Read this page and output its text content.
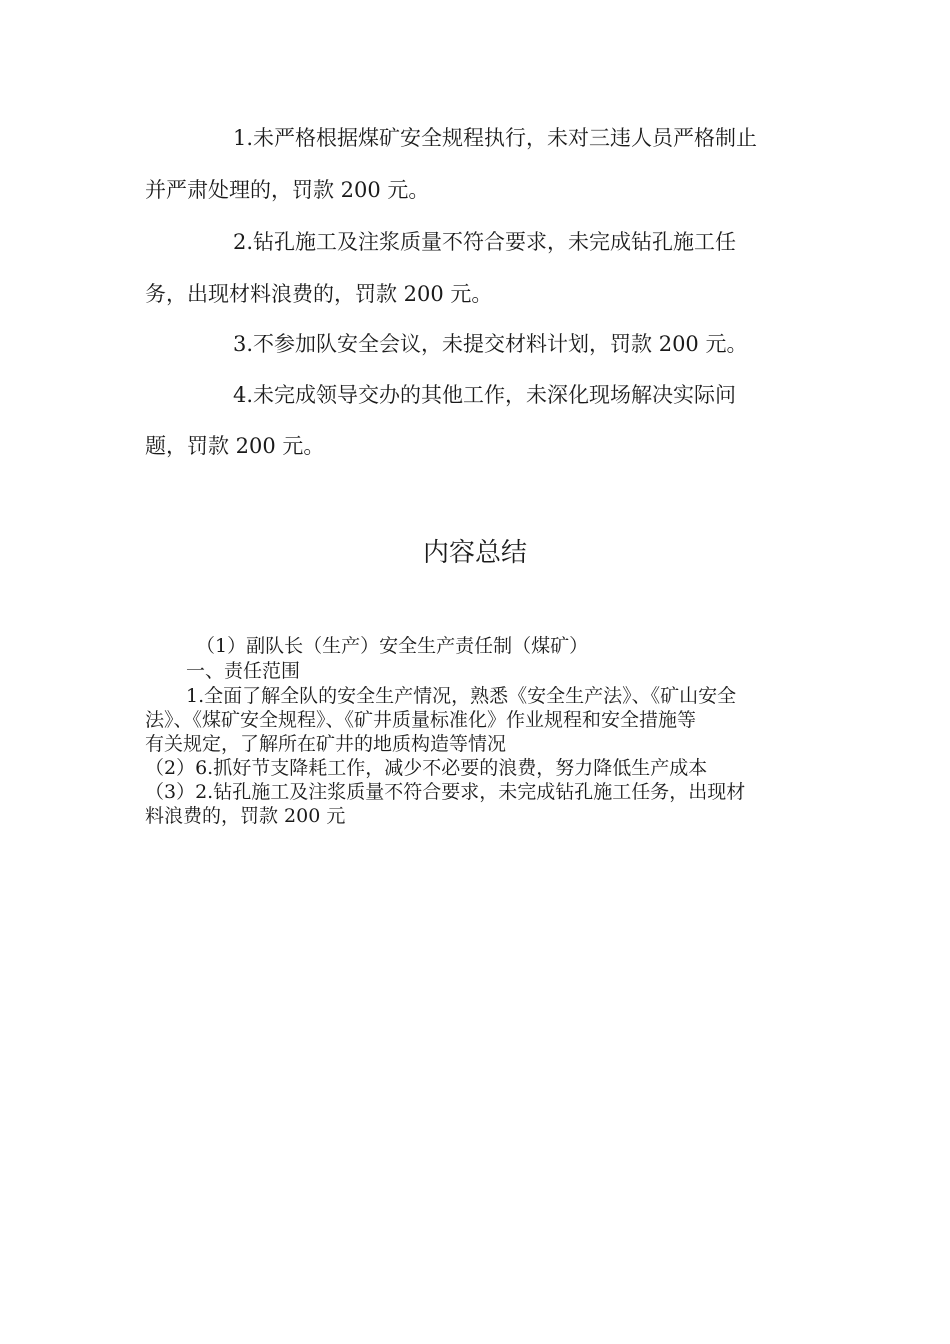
1.未严格根据煤矿安全规程执行，未对三违人员严格制止
并严肃处理的，罚款 200 元。
2.钻孔施工及注浆质量不符合要求，未完成钻孔施工任
务，出现材料浪费的，罚款 200 元。
3.不参加队安全会议，未提交材料计划，罚款 200 元。
4.未完成领导交办的其他工作，未深化现场解决实际问
题，罚款 200 元。
内容总结
（1）副队长（生产）安全生产责任制（煤矿）
一、责任范围
1.全面了解全队的安全生产情况，熟悉《安全生产法》、《矿山安全
法》、《煤矿安全规程》、《矿井质量标准化》作业规程和安全措施等
有关规定，了解所在矿井的地质构造等情况
（2）6.抓好节支降耗工作，减少不必要的浪费，努力降低生产成本
（3）2.钻孔施工及注浆质量不符合要求，未完成钻孔施工任务，出现材
料浪费的，罚款 200 元
